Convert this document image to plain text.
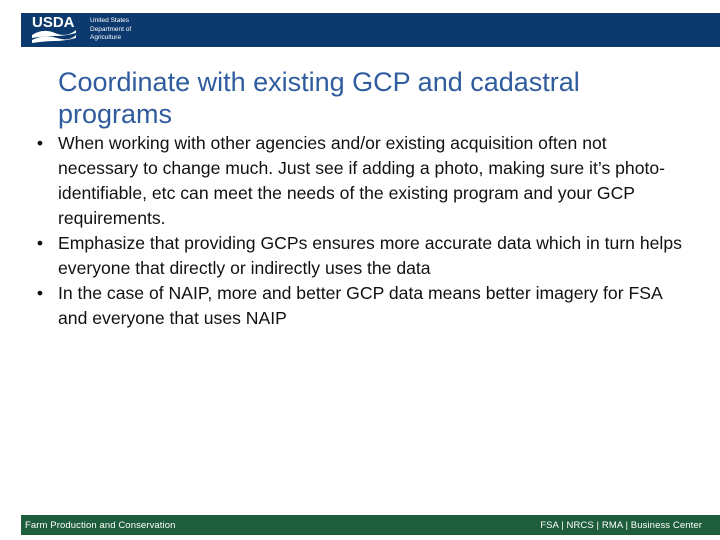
USDA United States
Department of
Agriculture
Coordinate with existing GCP and cadastral programs
• When working with other agencies and/or existing acquisition often not necessary to change much. Just see if adding a photo, making sure it’s photo-identifiable, etc can meet the needs of the existing program and your GCP requirements.
• Emphasize that providing GCPs ensures more accurate data which in turn helps everyone that directly or indirectly uses the data
• In the case of NAIP, more and better GCP data means better imagery for FSA and everyone that uses NAIP
Farm Production and Conservation	FSA | NRCS | RMA | Business Center
